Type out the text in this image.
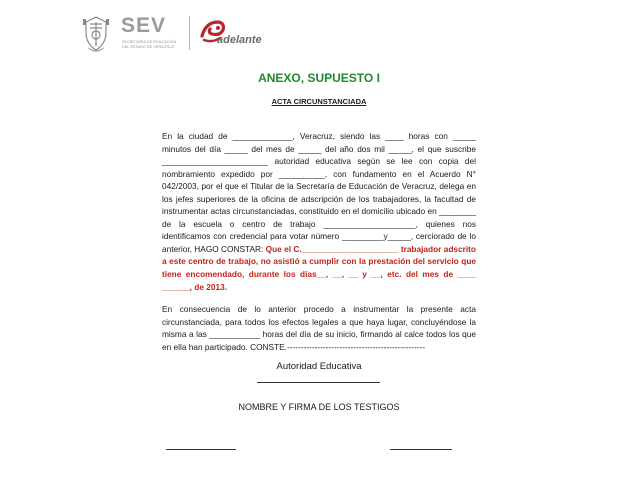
SEV
SECRETARÍA DE EDUCACIÓN DEL ESTADO DE VERACRUZ
adelante
ANEXO, SUPUESTO I
ACTA CIRCUNSTANCIADA

En la ciudad de _____________, Veracruz, siendo las ____ horas con _____ minutos del día _____ del mes de _____ del año dos mil _____, el que suscribe _______________________ autoridad educativa según se lee con copia del nombramiento expedido por __________, con fundamento en el Acuerdo N° 042/2003, por el que el Titular de la Secretaría de Educación de Veracruz, delega en los jefes superiores de la oficina de adscripción de los trabajadores, la facultad de instrumentar actas circunstanciadas, constituido en el domicilio ubicado en ________ de la escuela o centro de trabajo ____________________, quienes nos identificamos con credencial para votar número _________y_____, cerciorado de lo anterior, HAGO CONSTAR: Que el C._____________________ trabajador adscrito a este centro de trabajo, no asistió a cumplir con la prestación del servicio que tiene encomendado, durante los días__, __, __ y __, etc. del mes de ____ ______, de 2013.

En consecuencia de lo anterior procedo a instrumentar la presente acta circunstanciada, para todos los efectos legales a que haya lugar, concluyéndose la misma a las ___________ horas del día de su inicio, firmando al calce todos los que en ella han participado. CONSTE.--------------------------------------------------

Autoridad Educativa

NOMBRE Y FIRMA DE LOS TESTIGOS
